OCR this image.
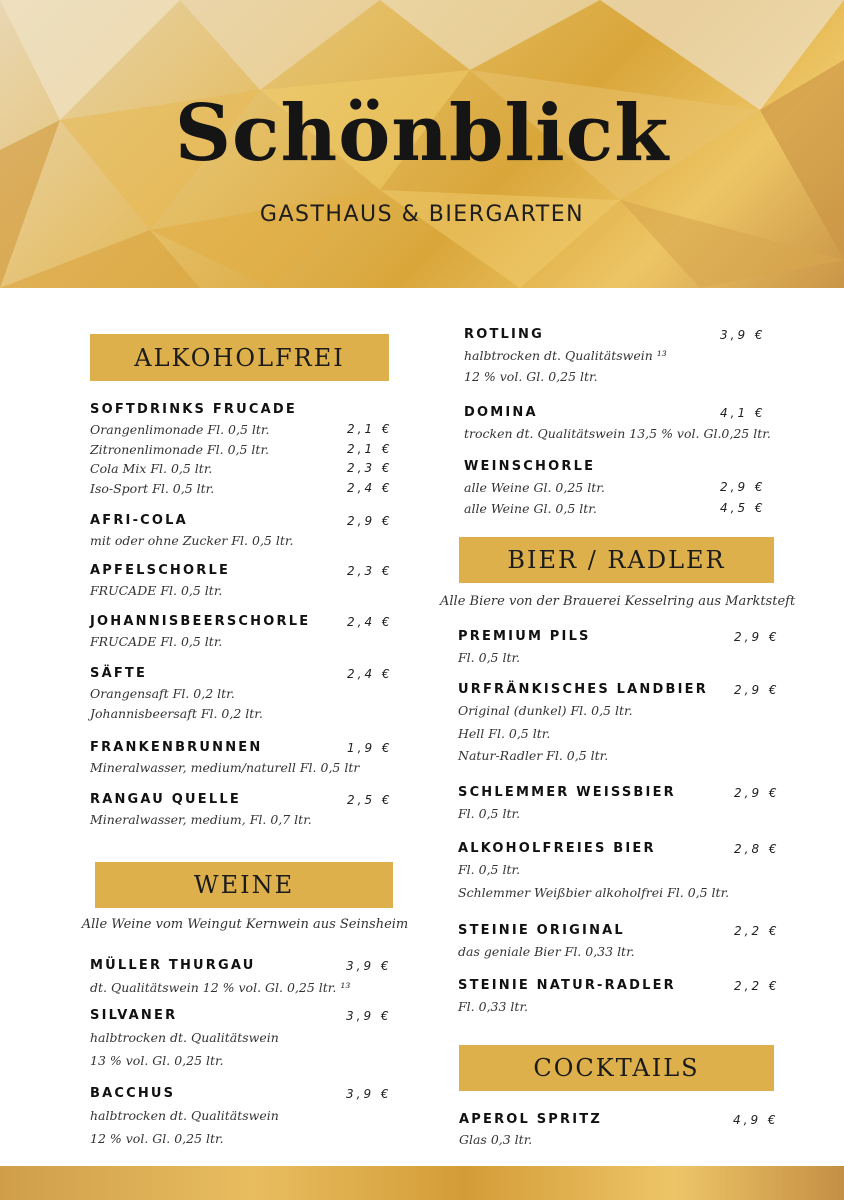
Schönblick
GASTHAUS & BIERGARTEN
ALKOHOLFREI
SOFTDRINKS FRUCADE
Orangenlimonade Fl. 0,5 ltr.	2,1 €
Zitronenlimonade Fl. 0,5 ltr.	2,1 €
Cola Mix Fl. 0,5 ltr.	2,3 €
Iso-Sport Fl. 0,5 ltr.	2,4 €
AFRI-COLA	2,9 €
mit oder ohne Zucker Fl. 0,5 ltr.
APFELSCHORLE	2,3 €
FRUCADE Fl. 0,5 ltr.
JOHANNISBEERSCHORLE	2,4 €
FRUCADE Fl. 0,5 ltr.
SÄFTE	2,4 €
Orangensaft Fl. 0,2 ltr.
Johannisbeersaft Fl. 0,2 ltr.
FRANKENBRUNNEN	1,9 €
Mineralwasser, medium/naturell Fl. 0,5 ltr
RANGAU QUELLE	2,5 €
Mineralwasser, medium, Fl. 0,7 ltr.
WEINE
Alle Weine vom Weingut Kernwein aus Seinsheim
MÜLLER THURGAU	3,9 €
dt. Qualitätswein 12 % vol. Gl. 0,25 ltr. ¹³
SILVANER	3,9 €
halbtrocken dt. Qualitätswein
13 % vol. Gl. 0,25 ltr.
BACCHUS	3,9 €
halbtrocken dt. Qualitätswein
12 % vol. Gl. 0,25 ltr.
ROTLING	3,9 €
halbtrocken dt. Qualitätswein ¹³
12 % vol. Gl. 0,25 ltr.
DOMINA	4,1 €
trocken dt. Qualitätswein 13,5 % vol. Gl.0,25 ltr.
WEINSCHORLE
alle Weine Gl. 0,25 ltr.	2,9 €
alle Weine Gl. 0,5 ltr.	4,5 €
BIER / RADLER
Alle Biere von der Brauerei Kesselring aus Marktsteft
PREMIUM PILS	2,9 €
Fl. 0,5 ltr.
URFRÄNKISCHES LANDBIER	2,9 €
Original (dunkel) Fl. 0,5 ltr.
Hell Fl. 0,5 ltr.
Natur-Radler Fl. 0,5 ltr.
SCHLEMMER WEISSBIER	2,9 €
Fl. 0,5 ltr.
ALKOHOLFREIES BIER	2,8 €
Fl. 0,5 ltr.
Schlemmer Weißbier alkoholfrei Fl. 0,5 ltr.
STEINIE ORIGINAL	2,2 €
das geniale Bier Fl. 0,33 ltr.
STEINIE NATUR-RADLER	2,2 €
Fl. 0,33 ltr.
COCKTAILS
APEROL SPRITZ	4,9 €
Glas 0,3 ltr.
